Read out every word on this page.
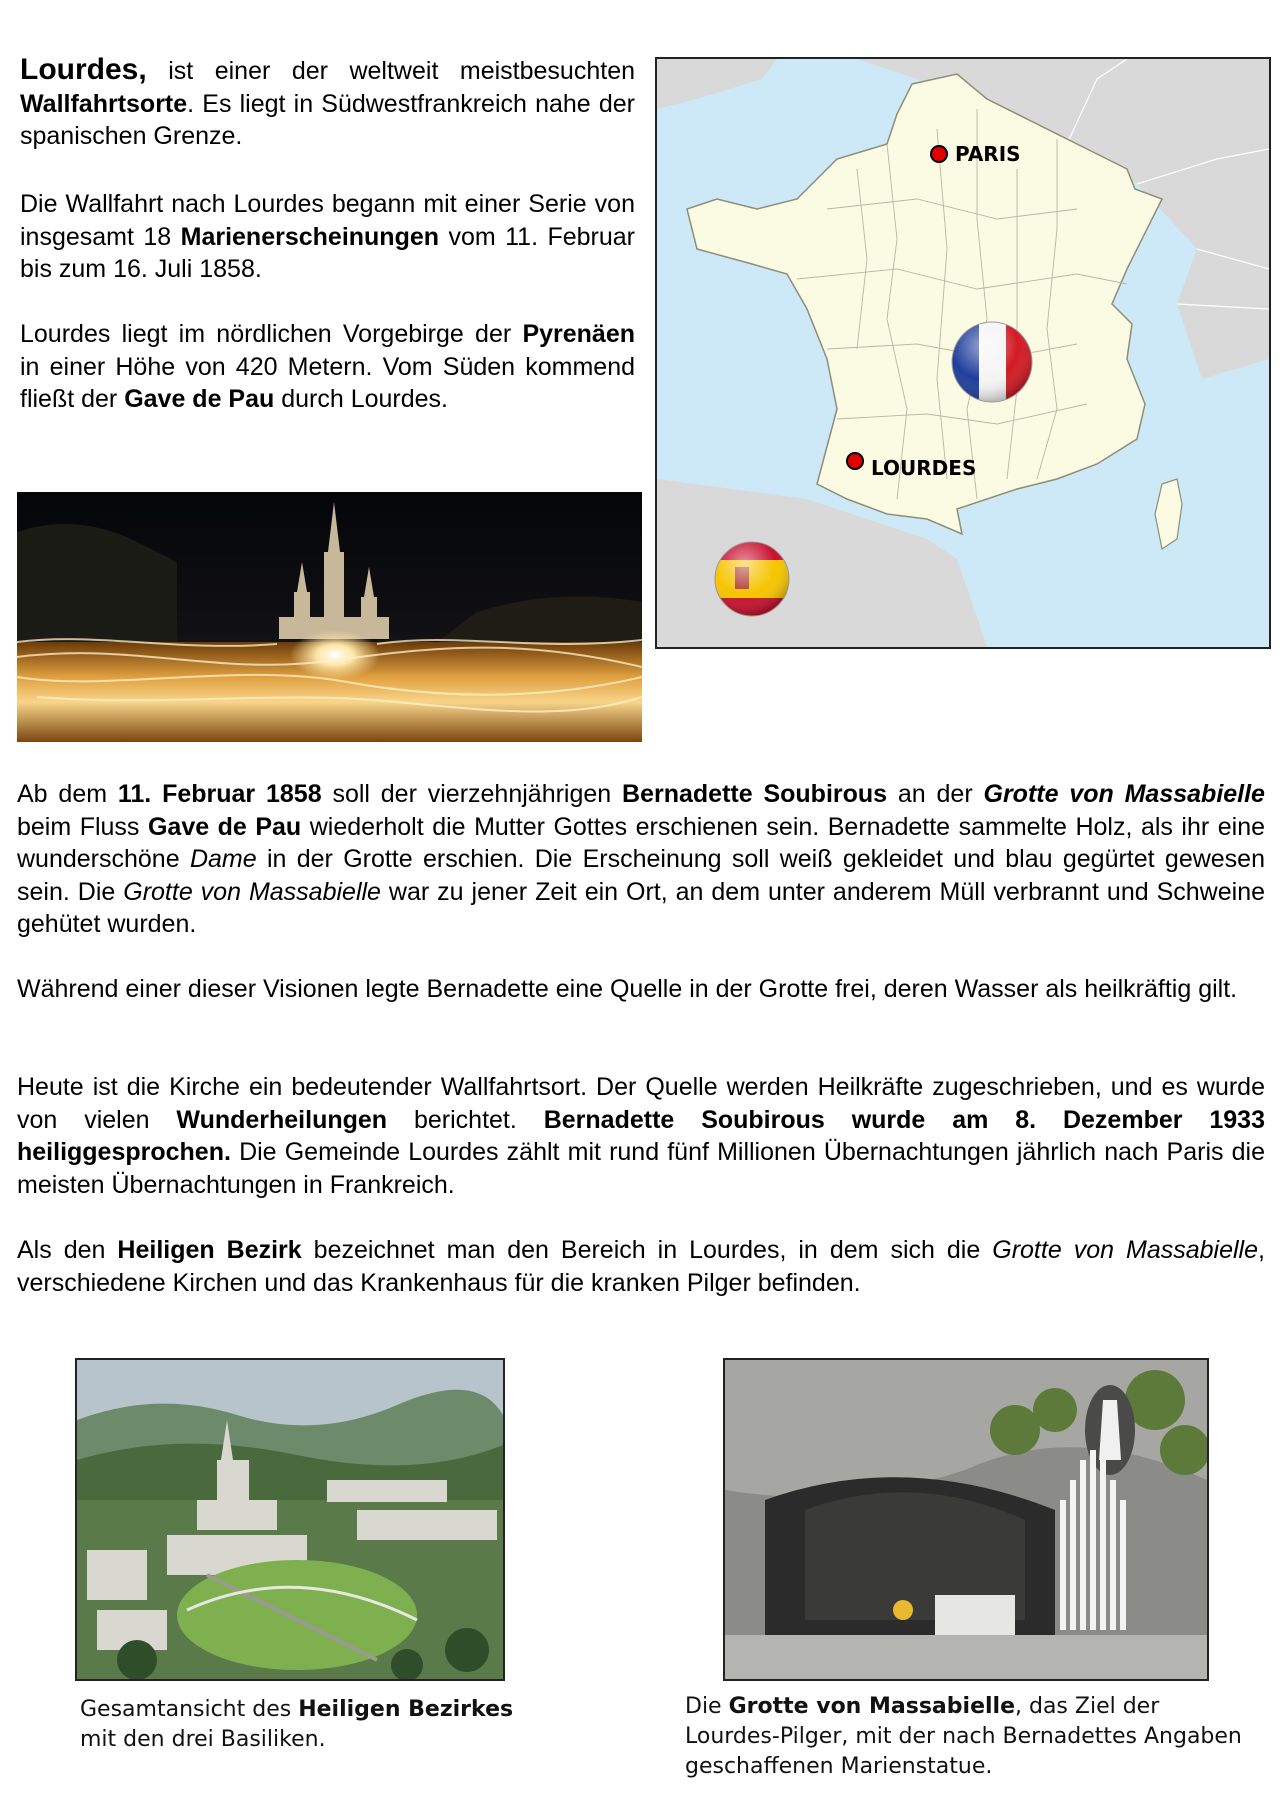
Lourdes, ist einer der weltweit meistbesuchten Wallfahrtsorte. Es liegt in Südwestfrankreich nahe der spanischen Grenze.

Die Wallfahrt nach Lourdes begann mit einer Serie von insgesamt 18 Marienerscheinungen vom 11. Februar bis zum 16. Juli 1858.

Lourdes liegt im nördlichen Vorgebirge der Pyrenäen in einer Höhe von 420 Metern. Vom Süden kommend fließt der Gave de Pau durch Lourdes.

PARIS
LOURDES

Ab dem 11. Februar 1858 soll der vierzehnjährigen Bernadette Soubirous an der Grotte von Massabielle beim Fluss Gave de Pau wiederholt die Mutter Gottes erschienen sein. Bernadette sammelte Holz, als ihr eine wunderschöne Dame in der Grotte erschien. Die Erscheinung soll weiß gekleidet und blau gegürtet gewesen sein. Die Grotte von Massabielle war zu jener Zeit ein Ort, an dem unter anderem Müll verbrannt und Schweine gehütet wurden.

Während einer dieser Visionen legte Bernadette eine Quelle in der Grotte frei, deren Wasser als heilkräftig gilt.

Heute ist die Kirche ein bedeutender Wallfahrtsort. Der Quelle werden Heilkräfte zugeschrieben, und es wurde von vielen Wunderheilungen berichtet. Bernadette Soubirous wurde am 8. Dezember 1933 heiliggesprochen. Die Gemeinde Lourdes zählt mit rund fünf Millionen Übernachtungen jährlich nach Paris die meisten Übernachtungen in Frankreich.

Als den Heiligen Bezirk bezeichnet man den Bereich in Lourdes, in dem sich die Grotte von Massabielle, verschiedene Kirchen und das Krankenhaus für die kranken Pilger befinden.

Gesamtansicht des Heiligen Bezirkes mit den drei Basiliken.

Die Grotte von Massabielle, das Ziel der Lourdes-Pilger, mit der nach Bernadettes Angaben geschaffenen Marienstatue.
